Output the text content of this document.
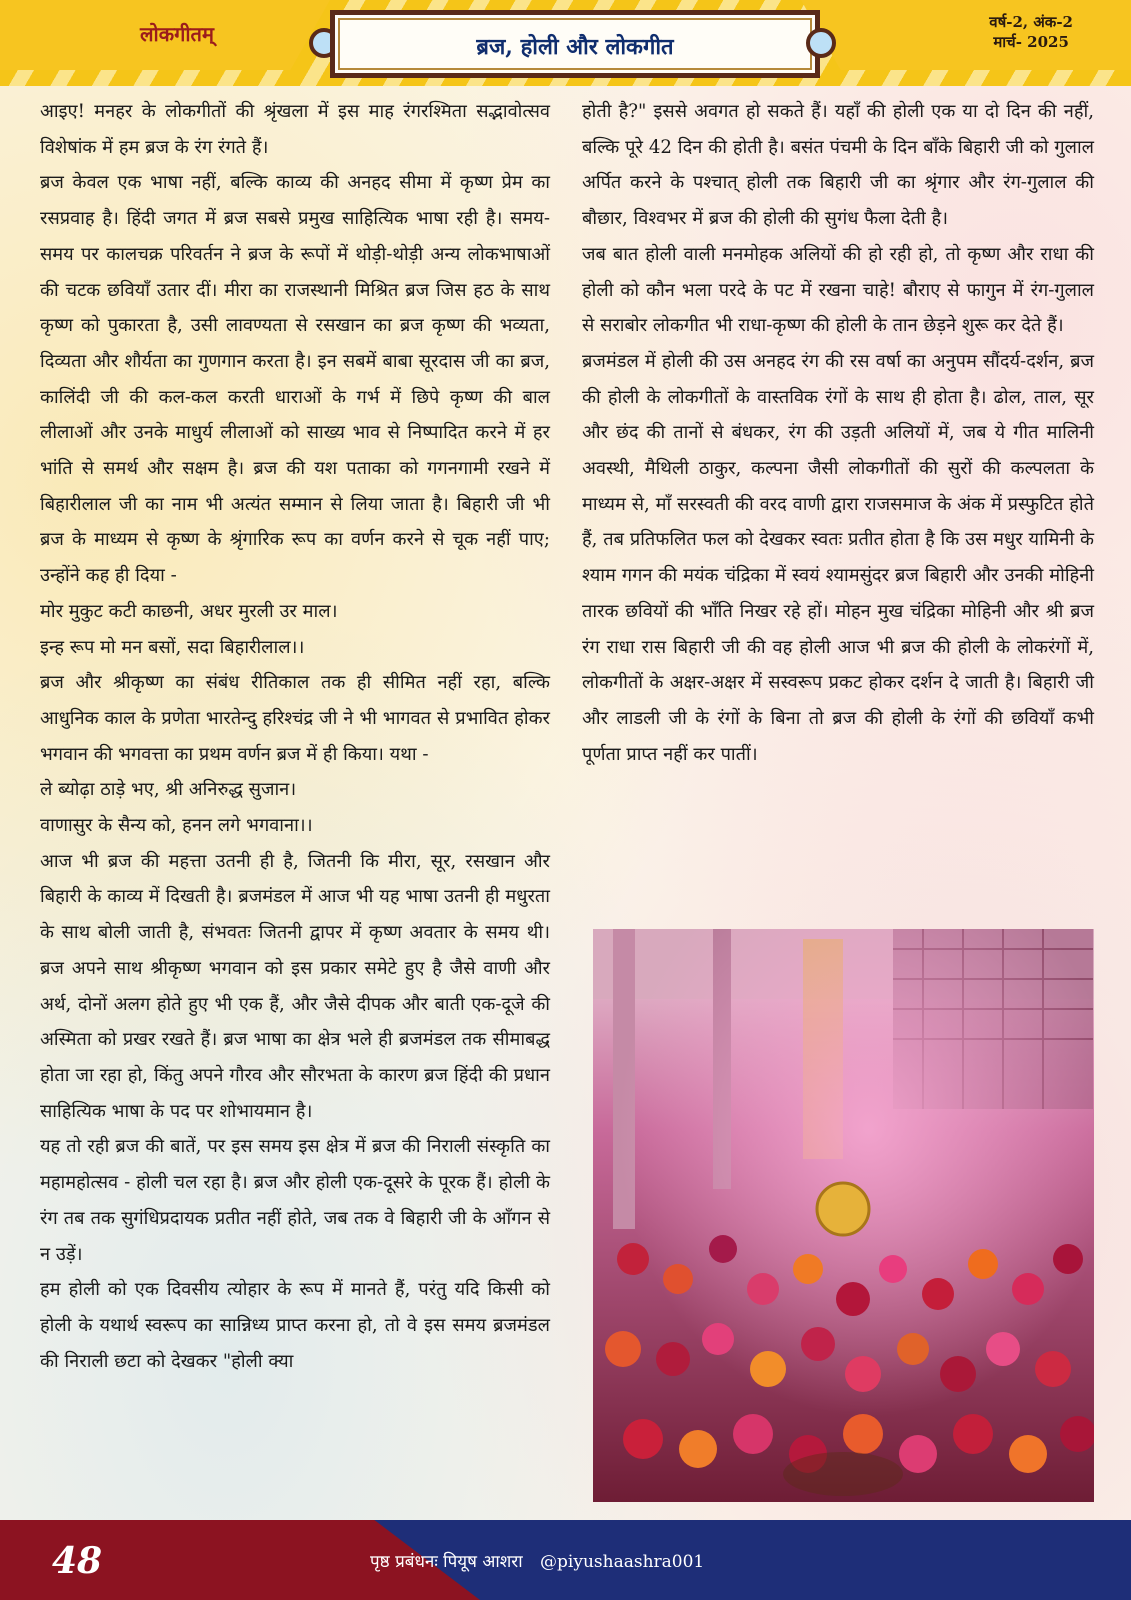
लोकगीतम्	वर्ष-2, अंक-2
मार्च- 2025
ब्रज, होली और लोकगीत

आइए! मनहर के लोकगीतों की श्रृंखला में इस माह रंगरश्मिता सद्भावोत्सव विशेषांक में हम ब्रज के रंग रंगते हैं।

ब्रज केवल एक भाषा नहीं, बल्कि काव्य की अनहद सीमा में कृष्ण प्रेम का रसप्रवाह है। हिंदी जगत में ब्रज सबसे प्रमुख साहित्यिक भाषा रही है। समय-समय पर कालचक्र परिवर्तन ने ब्रज के रूपों में थोड़ी-थोड़ी अन्य लोकभाषाओं की चटक छवियाँ उतार दीं। मीरा का राजस्थानी मिश्रित ब्रज जिस हठ के साथ कृष्ण को पुकारता है, उसी लावण्यता से रसखान का ब्रज कृष्ण की भव्यता, दिव्यता और शौर्यता का गुणगान करता है। इन सबमें बाबा सूरदास जी का ब्रज, कालिंदी जी की कल-कल करती धाराओं के गर्भ में छिपे कृष्ण की बाल लीलाओं और उनके माधुर्य लीलाओं को साख्य भाव से निष्पादित करने में हर भांति से समर्थ और सक्षम है। ब्रज की यश पताका को गगनगामी रखने में बिहारीलाल जी का नाम भी अत्यंत सम्मान से लिया जाता है। बिहारी जी भी ब्रज के माध्यम से कृष्ण के श्रृंगारिक रूप का वर्णन करने से चूक नहीं पाए; उन्होंने कह ही दिया -

मोर मुकुट कटी काछनी, अधर मुरली उर माल।

इन्ह रूप मो मन बसों, सदा बिहारीलाल।।

ब्रज और श्रीकृष्ण का संबंध रीतिकाल तक ही सीमित नहीं रहा, बल्कि आधुनिक काल के प्रणेता भारतेन्दु हरिश्चंद्र जी ने भी भागवत से प्रभावित होकर भगवान की भगवत्ता का प्रथम वर्णन ब्रज में ही किया। यथा -

ले ब्योढ़ा ठाड़े भए, श्री अनिरुद्ध सुजान।

वाणासुर के सैन्य को, हनन लगे भगवाना।।

आज भी ब्रज की महत्ता उतनी ही है, जितनी कि मीरा, सूर, रसखान और बिहारी के काव्य में दिखती है। ब्रजमंडल में आज भी यह भाषा उतनी ही मधुरता के साथ बोली जाती है, संभवतः जितनी द्वापर में कृष्ण अवतार के समय थी। ब्रज अपने साथ श्रीकृष्ण भगवान को इस प्रकार समेटे हुए है जैसे वाणी और अर्थ, दोनों अलग होते हुए भी एक हैं, और जैसे दीपक और बाती एक-दूजे की अस्मिता को प्रखर रखते हैं। ब्रज भाषा का क्षेत्र भले ही ब्रजमंडल तक सीमाबद्ध होता जा रहा हो, किंतु अपने गौरव और सौरभता के कारण ब्रज हिंदी की प्रधान साहित्यिक भाषा के पद पर शोभायमान है।

यह तो रही ब्रज की बातें, पर इस समय इस क्षेत्र में ब्रज की निराली संस्कृति का महामहोत्सव - होली चल रहा है। ब्रज और होली एक-दूसरे के पूरक हैं। होली के रंग तब तक सुगंधिप्रदायक प्रतीत नहीं होते, जब तक वे बिहारी जी के आँगन से न उड़ें।

हम होली को एक दिवसीय त्योहार के रूप में मानते हैं, परंतु यदि किसी को होली के यथार्थ स्वरूप का सान्निध्य प्राप्त करना हो, तो वे इस समय ब्रजमंडल की निराली छटा को देखकर "होली क्या

होती है?" इससे अवगत हो सकते हैं। यहाँ की होली एक या दो दिन की नहीं, बल्कि पूरे 42 दिन की होती है। बसंत पंचमी के दिन बाँके बिहारी जी को गुलाल अर्पित करने के पश्चात् होली तक बिहारी जी का श्रृंगार और रंग-गुलाल की बौछार, विश्वभर में ब्रज की होली की सुगंध फैला देती है।

जब बात होली वाली मनमोहक अलियों की हो रही हो, तो कृष्ण और राधा की होली को कौन भला परदे के पट में रखना चाहे! बौराए से फागुन में रंग-गुलाल से सराबोर लोकगीत भी राधा-कृष्ण की होली के तान छेड़ने शुरू कर देते हैं।

ब्रजमंडल में होली की उस अनहद रंग की रस वर्षा का अनुपम सौंदर्य-दर्शन, ब्रज की होली के लोकगीतों के वास्तविक रंगों के साथ ही होता है। ढोल, ताल, सूर और छंद की तानों से बंधकर, रंग की उड़ती अलियों में, जब ये गीत मालिनी अवस्थी, मैथिली ठाकुर, कल्पना जैसी लोकगीतों की सुरों की कल्पलता के माध्यम से, माँ सरस्वती की वरद वाणी द्वारा राजसमाज के अंक में प्रस्फुटित होते हैं, तब प्रतिफलित फल को देखकर स्वतः प्रतीत होता है कि उस मधुर यामिनी के श्याम गगन की मयंक चंद्रिका में स्वयं श्यामसुंदर ब्रज बिहारी और उनकी मोहिनी तारक छवियों की भाँति निखर रहे हों। मोहन मुख चंद्रिका मोहिनी और श्री ब्रज रंग राधा रास बिहारी जी की वह होली आज भी ब्रज की होली के लोकरंगों में, लोकगीतों के अक्षर-अक्षर में सस्वरूप प्रकट होकर दर्शन दे जाती है। बिहारी जी और लाडली जी के रंगों के बिना तो ब्रज की होली के रंगों की छवियाँ कभी पूर्णता प्राप्त नहीं कर पातीं।

48	पृष्ठ प्रबंधनः पियूष आशरा @piyushaashra001
